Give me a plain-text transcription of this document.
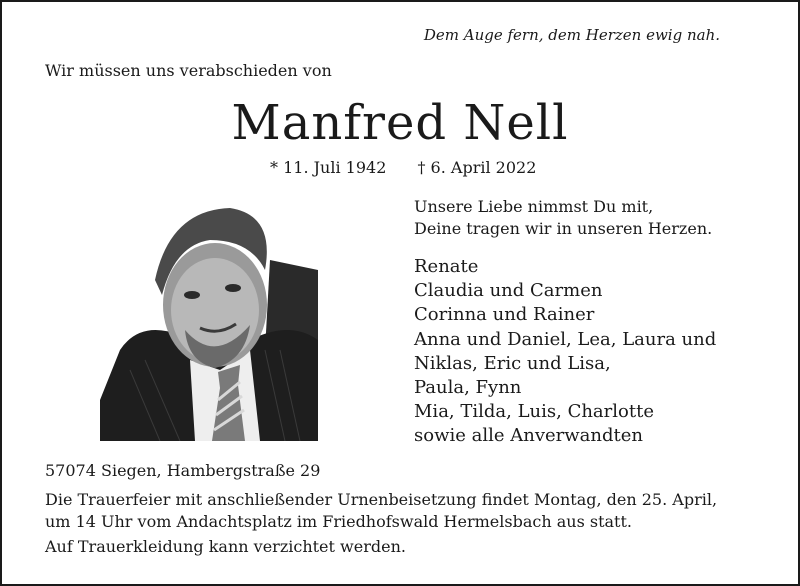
Dem Auge fern, dem Herzen ewig nah.
Wir müssen uns verabschieden von
Manfred Nell
* 11. Juli 1942 † 6. April 2022
Unsere Liebe nimmst Du mit,
Deine tragen wir in unseren Herzen.
Renate
Claudia und Carmen
Corinna und Rainer
Anna und Daniel, Lea, Laura und
Niklas, Eric und Lisa,
Paula, Fynn
Mia, Tilda, Luis, Charlotte
sowie alle Anverwandten
57074 Siegen, Hambergstraße 29
Die Trauerfeier mit anschließender Urnenbeisetzung findet Montag, den 25. April,
um 14 Uhr vom Andachtsplatz im Friedhofswald Hermelsbach aus statt.
Auf Trauerkleidung kann verzichtet werden.
